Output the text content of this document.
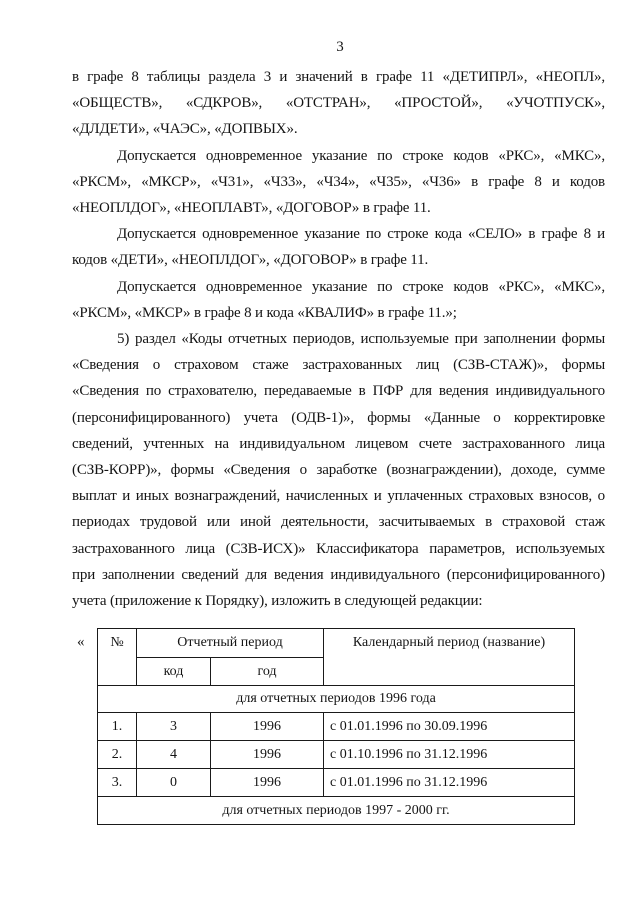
3
в графе 8 таблицы раздела 3 и значений в графе 11 «ДЕТИПРЛ», «НЕОПЛ»,
«ОБЩЕСТВ», «СДКРОВ», «ОТСТРАН», «ПРОСТОЙ», «УЧОТПУСК»,
«ДЛДЕТИ», «ЧАЭС», «ДОПВЫХ».
Допускается одновременное указание по строке кодов «РКС», «МКС»,
«РКСМ», «МКСР», «Ч31», «Ч33», «Ч34», «Ч35», «Ч36» в графе 8 и кодов
«НЕОПЛДОГ», «НЕОПЛАВТ», «ДОГОВОР» в графе 11.
Допускается одновременное указание по строке кода «СЕЛО» в графе 8 и
кодов «ДЕТИ», «НЕОПЛДОГ», «ДОГОВОР» в графе 11.
Допускается одновременное указание по строке кодов «РКС», «МКС»,
«РКСМ», «МКСР» в графе 8 и кода «КВАЛИФ» в графе 11.»;
5) раздел «Коды отчетных периодов, используемые при заполнении формы
«Сведения о страховом стаже застрахованных лиц (СЗВ-СТАЖ)», формы
«Сведения по страхователю, передаваемые в ПФР для ведения индивидуального
(персонифицированного) учета (ОДВ-1)», формы «Данные о корректировке
сведений, учтенных на индивидуальном лицевом счете застрахованного лица
(СЗВ-КОРР)», формы «Сведения о заработке (вознаграждении), доходе, сумме
выплат и иных вознаграждений, начисленных и уплаченных страховых взносов, о
периодах трудовой или иной деятельности, засчитываемых в страховой стаж
застрахованного лица (СЗВ-ИСХ)» Классификатора параметров, используемых
при заполнении сведений для ведения индивидуального (персонифицированного)
учета (приложение к Порядку), изложить в следующей редакции:
« №	Отчетный период		Календарный период (название)
	код	год	
для отчетных периодов 1996 года			
1.	3	1996	с 01.01.1996 по 30.09.1996
2.	4	1996	с 01.10.1996 по 31.12.1996
3.	0	1996	с 01.01.1996 по 31.12.1996
для отчетных периодов 1997 - 2000 гг.			
